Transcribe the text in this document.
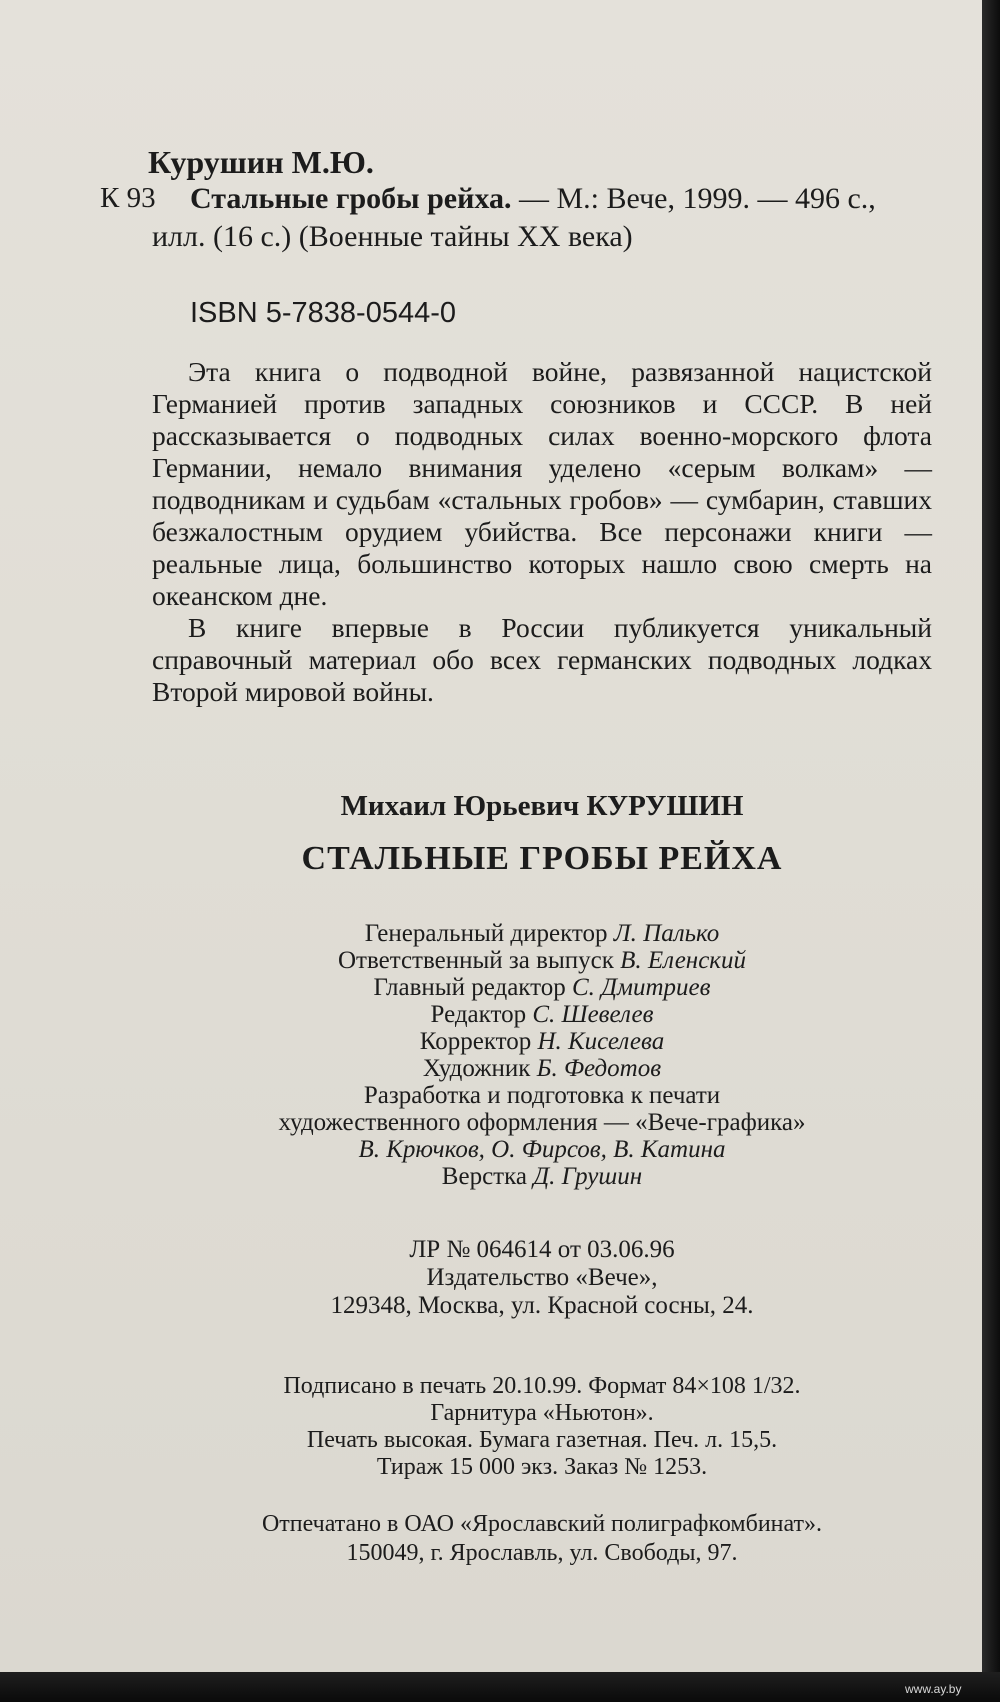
Курушин М.Ю.
К 93 Стальные гробы рейха. — М.: Вече, 1999. — 496 с.,
илл. (16 с.) (Военные тайны XX века)
ISBN 5-7838-0544-0

Эта книга о подводной войне, развязанной нацистской Германией против западных союзников и СССР. В ней рассказывается о подводных силах военно-морского флота Германии, немало внимания уделено «серым волкам» — подводникам и судьбам «стальных гробов» — сумбарин, ставших безжалостным орудием убийства. Все персонажи книги — реальные лица, большинство которых нашло свою смерть на океанском дне.

В книге впервые в России публикуется уникальный справочный материал обо всех германских подводных лодках Второй мировой войны.

Михаил Юрьевич КУРУШИН
СТАЛЬНЫЕ ГРОБЫ РЕЙХА
Генеральный директор Л. Палько
Ответственный за выпуск В. Еленский
Главный редактор С. Дмитриев
Редактор С. Шевелев
Корректор Н. Киселева
Художник Б. Федотов
Разработка и подготовка к печати
художественного оформления — «Вече-графика»
В. Крючков, О. Фирсов, В. Катина
Верстка Д. Грушин
ЛР № 064614 от 03.06.96
Издательство «Вече»,
129348, Москва, ул. Красной сосны, 24.
Подписано в печать 20.10.99. Формат 84×108 1/32.
Гарнитура «Ньютон».
Печать высокая. Бумага газетная. Печ. л. 15,5.
Тираж 15 000 экз. Заказ № 1253.
Отпечатано в ОАО «Ярославский полиграфкомбинат».
150049, г. Ярославль, ул. Свободы, 97.
www.ay.by
